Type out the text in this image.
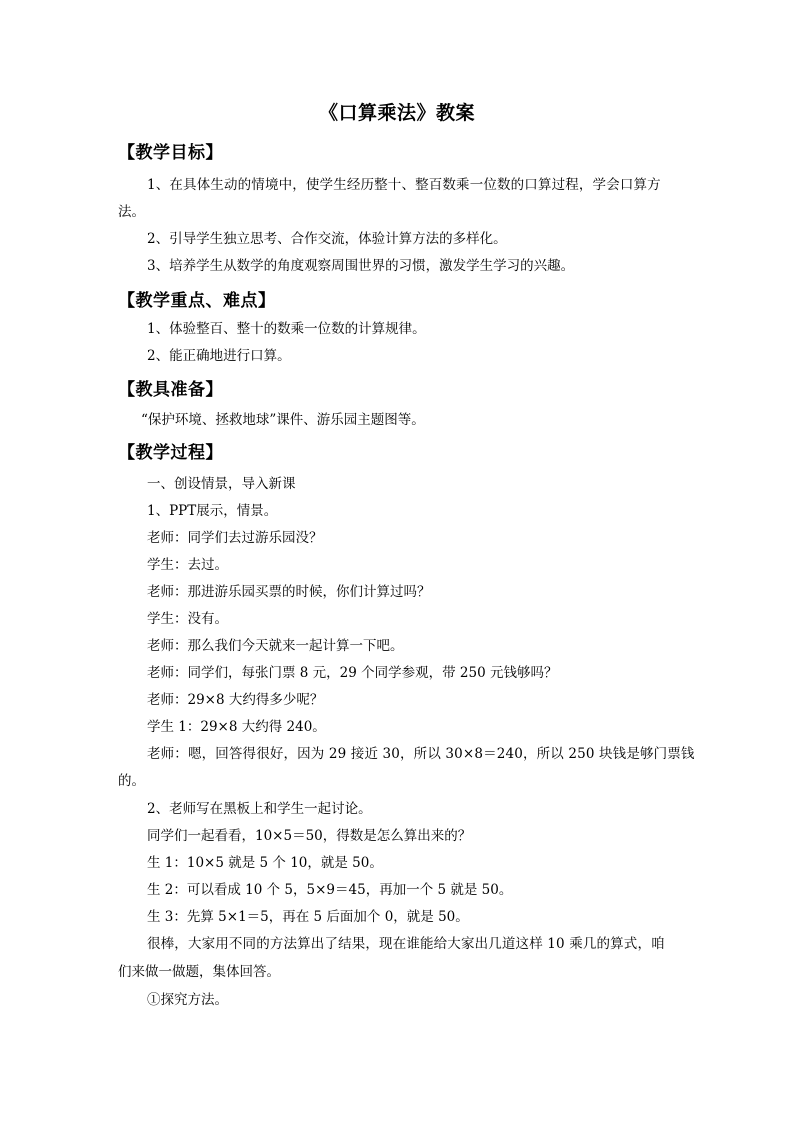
《口算乘法》教案
【教学目标】
1、在具体生动的情境中，使学生经历整十、整百数乘一位数的口算过程，学会口算方
法。
2、引导学生独立思考、合作交流，体验计算方法的多样化。
3、培养学生从数学的角度观察周围世界的习惯，激发学生学习的兴趣。
【教学重点、难点】
1、体验整百、整十的数乘一位数的计算规律。
2、能正确地进行口算。
【教具准备】
“保护环境、拯救地球”课件、游乐园主题图等。
【教学过程】
一、创设情景，导入新课
1、PPT展示，情景。
老师：同学们去过游乐园没？
学生：去过。
老师：那进游乐园买票的时候，你们计算过吗？
学生：没有。
老师：那么我们今天就来一起计算一下吧。
老师：同学们，每张门票 8 元，29 个同学参观，带 250 元钱够吗？
老师：29×8 大约得多少呢？
学生 1：29×8 大约得 240。
老师：嗯，回答得很好，因为 29 接近 30，所以 30×8＝240，所以 250 块钱是够门票钱
的。
2、老师写在黑板上和学生一起讨论。
同学们一起看看，10×5＝50，得数是怎么算出来的？
生 1：10×5 就是 5 个 10，就是 50。
生 2：可以看成 10 个 5，5×9＝45，再加一个 5 就是 50。
生 3：先算 5×1＝5，再在 5 后面加个 0，就是 50。
很棒，大家用不同的方法算出了结果，现在谁能给大家出几道这样 10 乘几的算式，咱
们来做一做题，集体回答。
①探究方法。
